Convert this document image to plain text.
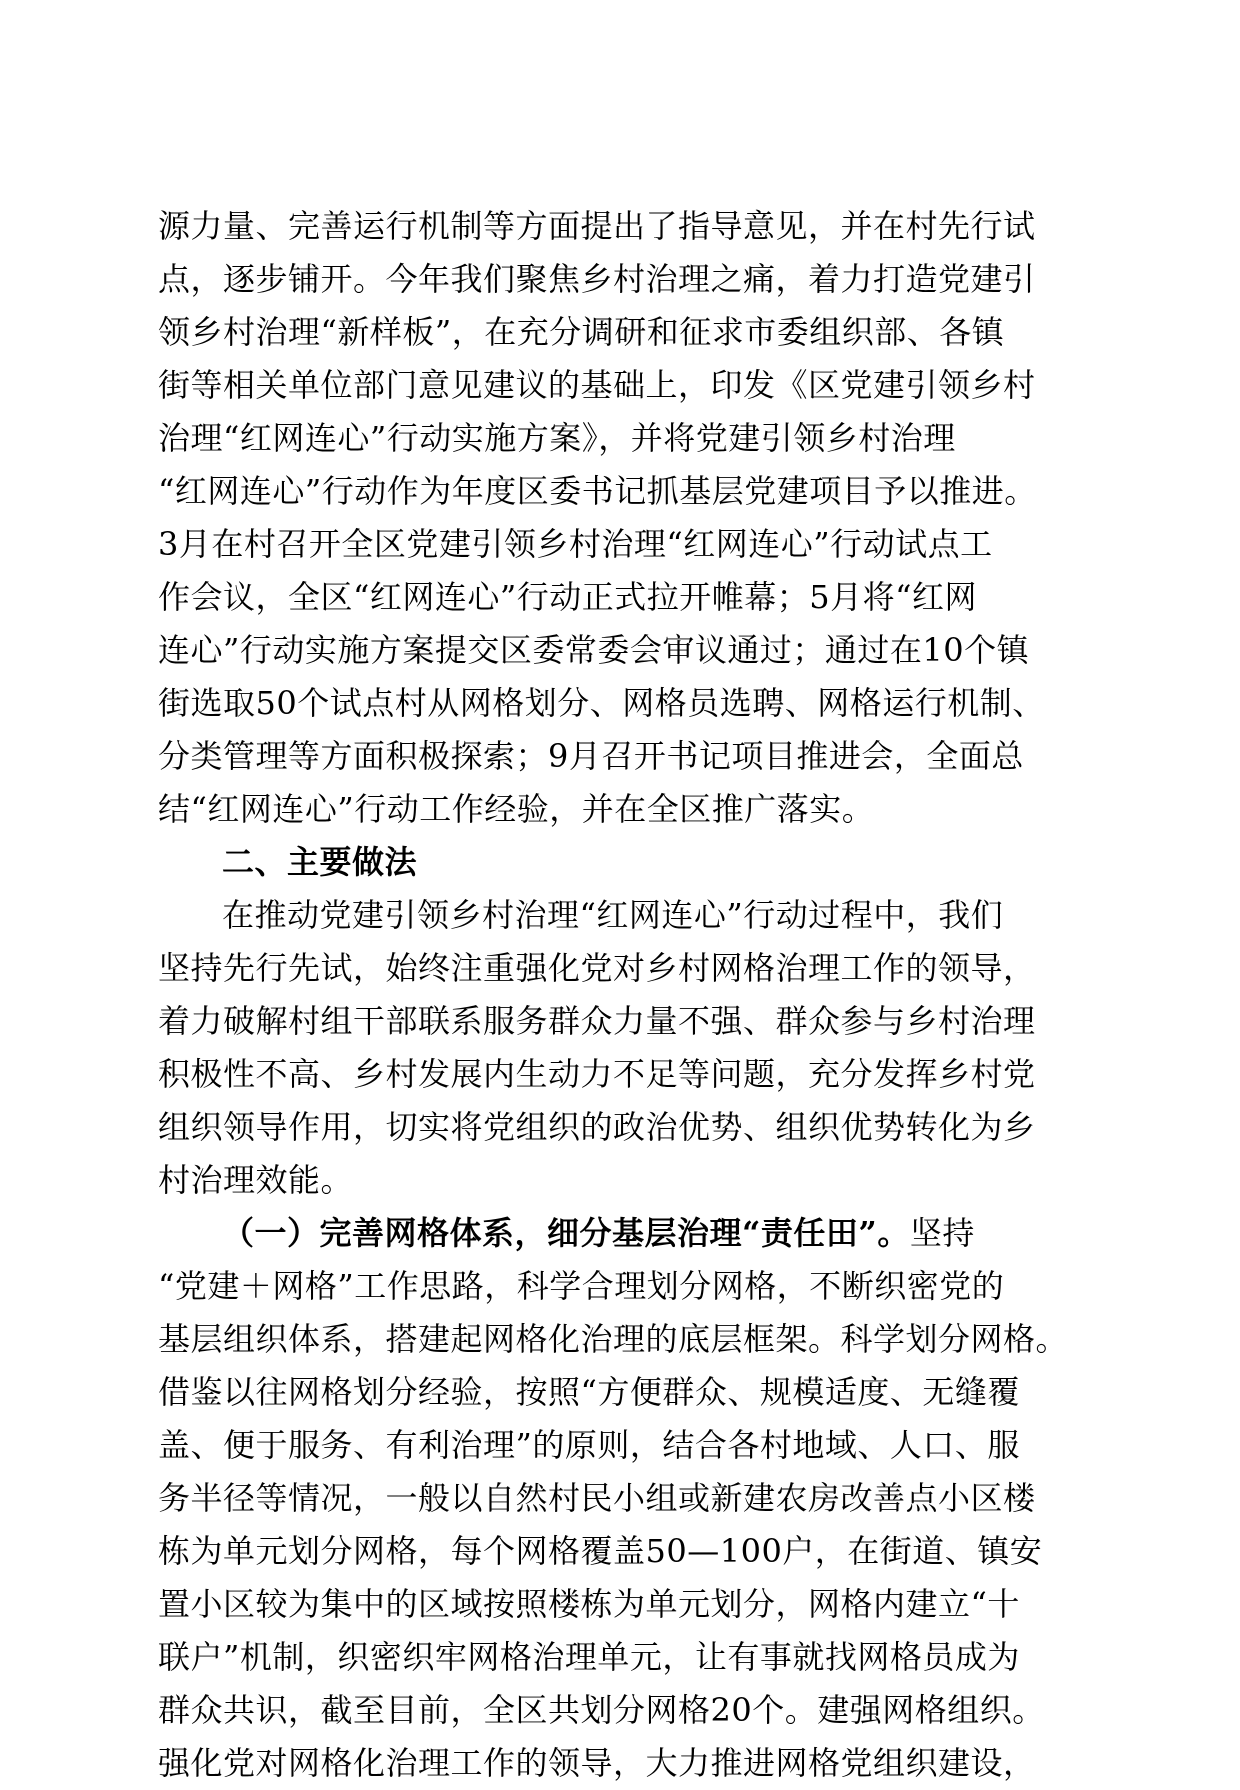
源力量、完善运行机制等方面提出了指导意见，并在村先行试
点，逐步铺开。今年我们聚焦乡村治理之痛，着力打造党建引
领乡村治理“新样板”，在充分调研和征求市委组织部、各镇
街等相关单位部门意见建议的基础上，印发《区党建引领乡村
治理“红网连心”行动实施方案》，并将党建引领乡村治理
“红网连心”行动作为年度区委书记抓基层党建项目予以推进。
3月在村召开全区党建引领乡村治理“红网连心”行动试点工
作会议，全区“红网连心”行动正式拉开帷幕；5月将“红网
连心”行动实施方案提交区委常委会审议通过；通过在10个镇
街选取50个试点村从网格划分、网格员选聘、网格运行机制、
分类管理等方面积极探索；9月召开书记项目推进会，全面总
结“红网连心”行动工作经验，并在全区推广落实。
二、主要做法
在推动党建引领乡村治理“红网连心”行动过程中，我们
坚持先行先试，始终注重强化党对乡村网格治理工作的领导，
着力破解村组干部联系服务群众力量不强、群众参与乡村治理
积极性不高、乡村发展内生动力不足等问题，充分发挥乡村党
组织领导作用，切实将党组织的政治优势、组织优势转化为乡
村治理效能。
（一）完善网格体系，细分基层治理“责任田”。坚持
“党建＋网格”工作思路，科学合理划分网格，不断织密党的
基层组织体系，搭建起网格化治理的底层框架。科学划分网格。
借鉴以往网格划分经验，按照“方便群众、规模适度、无缝覆
盖、便于服务、有利治理”的原则，结合各村地域、人口、服
务半径等情况，一般以自然村民小组或新建农房改善点小区楼
栋为单元划分网格，每个网格覆盖50—100户，在街道、镇安
置小区较为集中的区域按照楼栋为单元划分，网格内建立“十
联户”机制，织密织牢网格治理单元，让有事就找网格员成为
群众共识，截至目前，全区共划分网格20个。建强网格组织。
强化党对网格化治理工作的领导，大力推进网格党组织建设，
